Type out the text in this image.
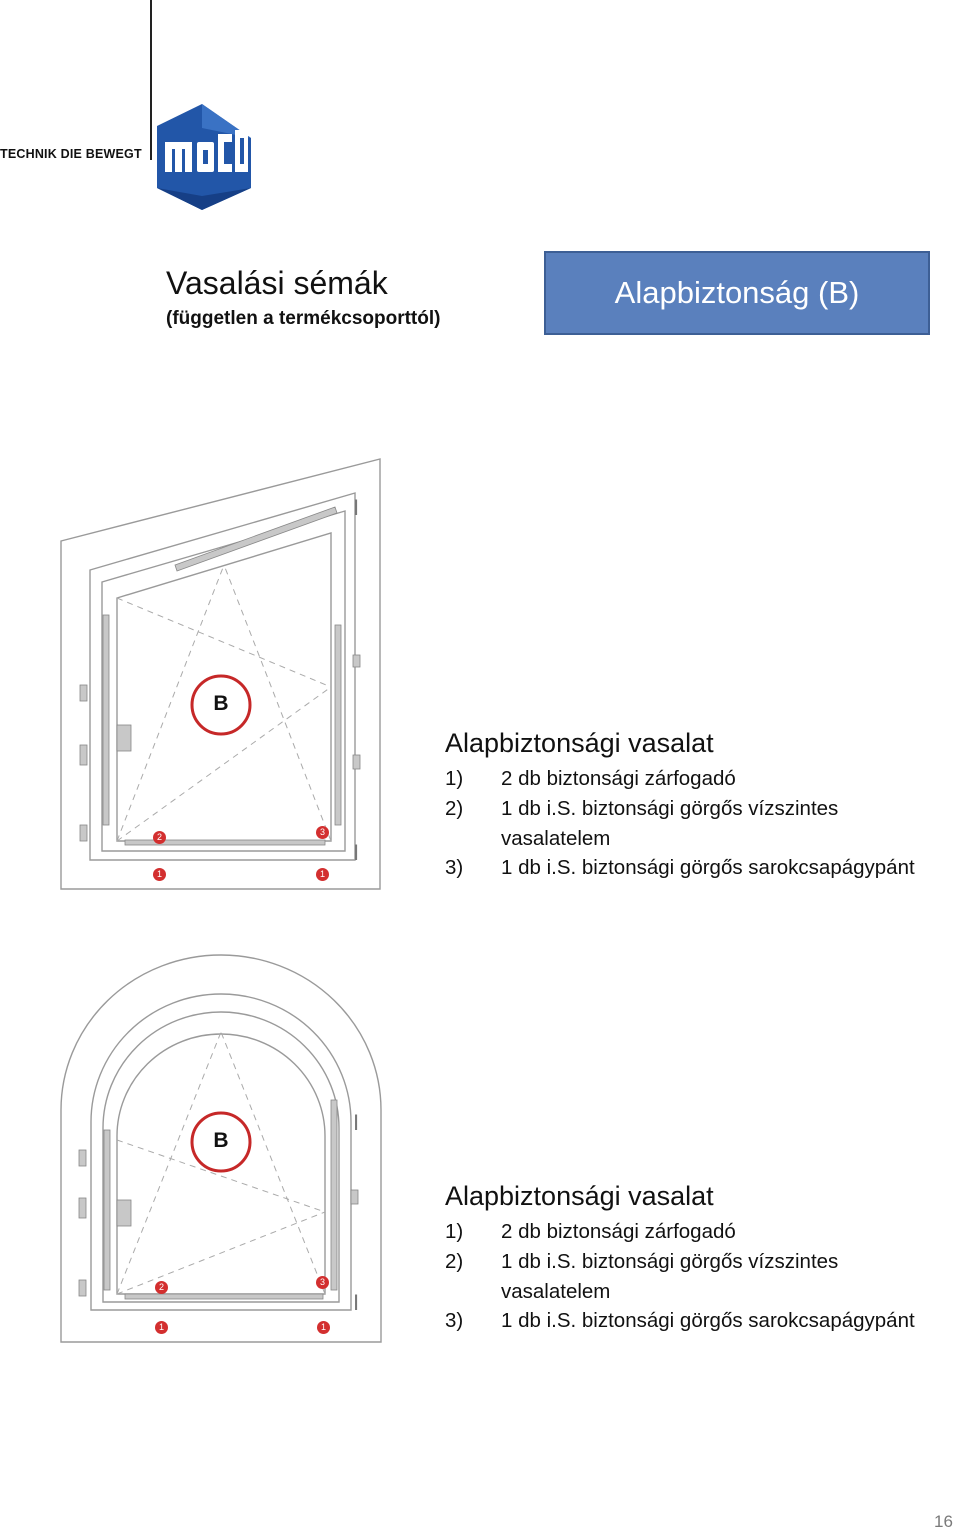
TECHNIK DIE BEWEGT
Vasalási sémák
(független a termékcsoporttól)
Alapbiztonság (B)
I
I
B
2	3
1	1
Alapbiztonsági vasalat
1) 2 db biztonsági zárfogadó
2) 1 db i.S. biztonsági görgős vízszintes vasalatelem
3) 1 db i.S. biztonsági görgős sarokcsapágypánt
I
I
B
2	3
1	1
Alapbiztonsági vasalat
1) 2 db biztonsági zárfogadó
2) 1 db i.S. biztonsági görgős vízszintes vasalatelem
3) 1 db i.S. biztonsági görgős sarokcsapágypánt
16
